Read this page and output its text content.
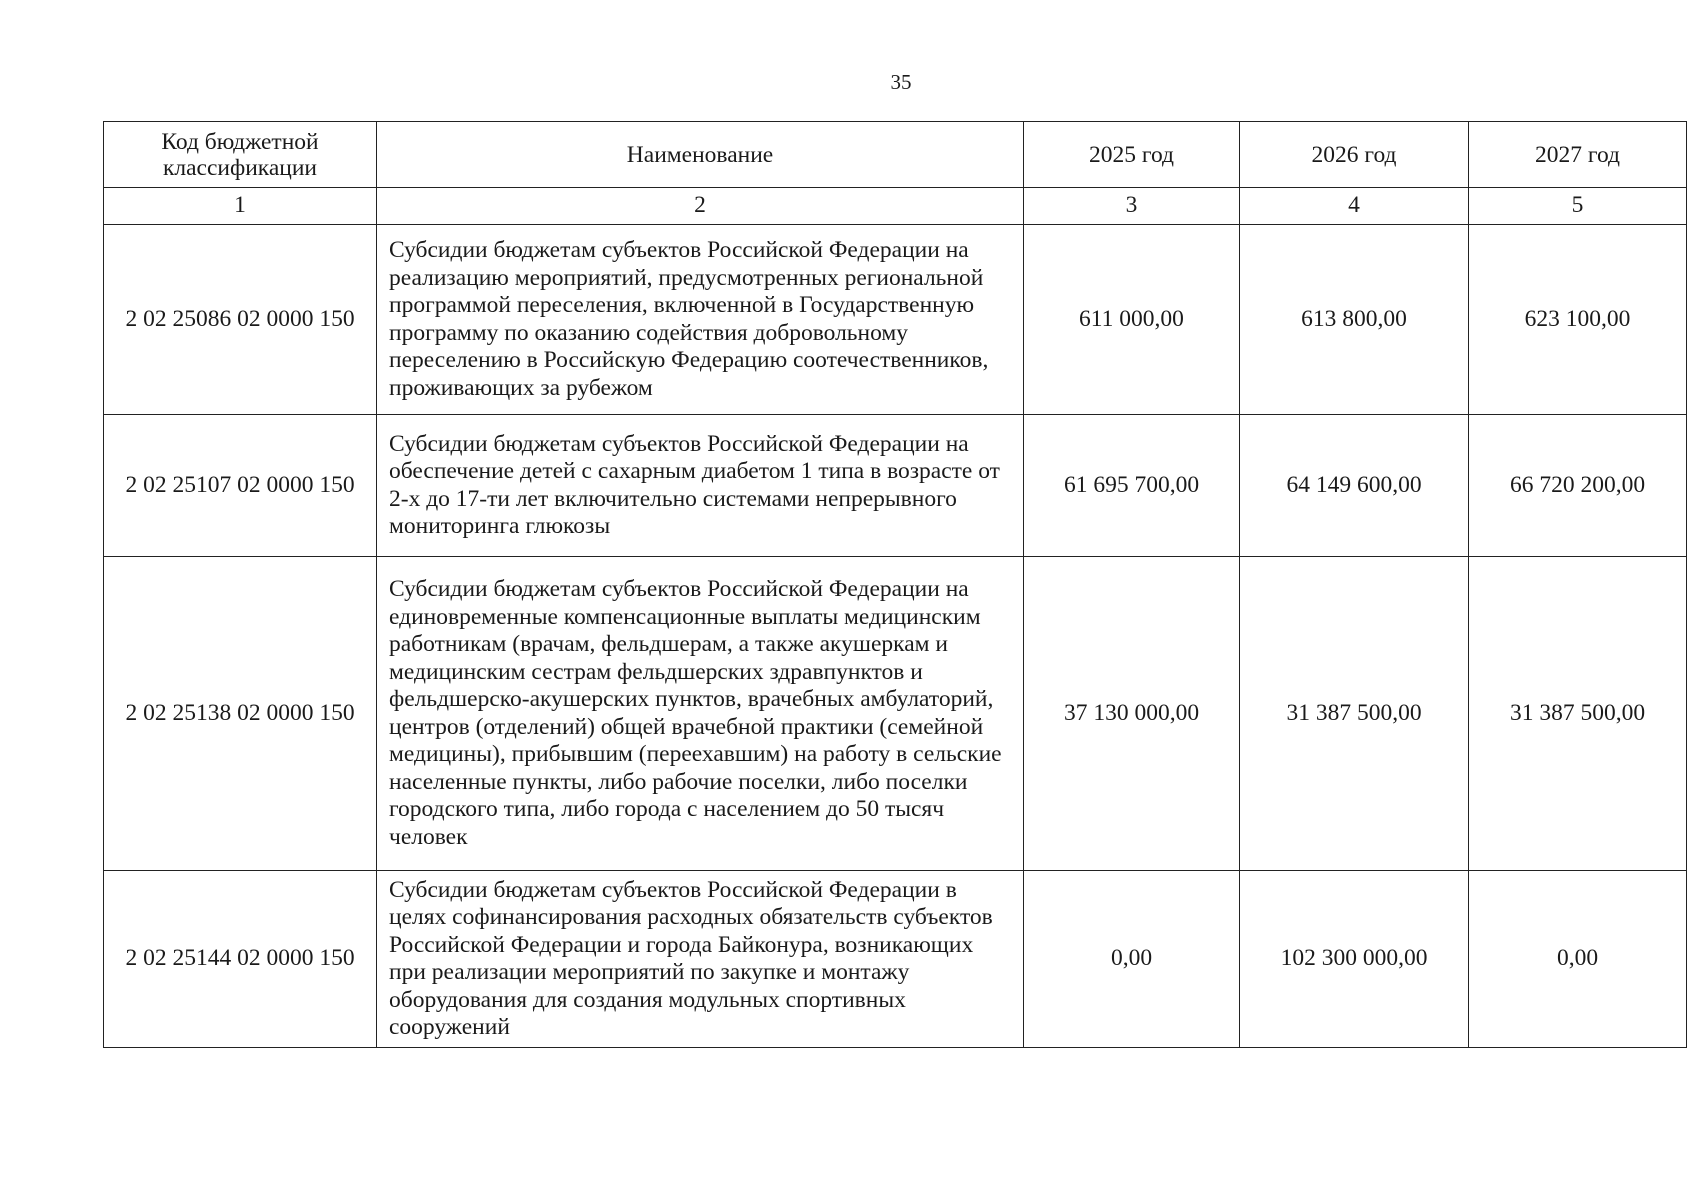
35
Код бюджетной классификации	Наименование	2025 год	2026 год	2027 год

1	2	3	4	5
2 02 25086 02 0000 150	Субсидии бюджетам субъектов Российской Федерации на реализацию мероприятий, предусмотренных региональной программой переселения, включенной в Государственную программу по оказанию содействия добровольному переселению в Российскую Федерацию соотечественников, проживающих за рубежом	611 000,00	613 800,00	623 100,00
2 02 25107 02 0000 150	Субсидии бюджетам субъектов Российской Федерации на обеспечение детей с сахарным диабетом 1 типа в возрасте от 2-х до 17-ти лет включительно системами непрерывного мониторинга глюкозы	61 695 700,00	64 149 600,00	66 720 200,00
2 02 25138 02 0000 150	Субсидии бюджетам субъектов Российской Федерации на единовременные компенсационные выплаты медицинским работникам (врачам, фельдшерам, а также акушеркам и медицинским сестрам фельдшерских здравпунктов и фельдшерско-акушерских пунктов, врачебных амбулаторий, центров (отделений) общей врачебной практики (семейной медицины), прибывшим (переехавшим) на работу в сельские населенные пункты, либо рабочие поселки, либо поселки городского типа, либо города с населением до 50 тысяч человек	37 130 000,00	31 387 500,00	31 387 500,00
2 02 25144 02 0000 150	Субсидии бюджетам субъектов Российской Федерации в целях софинансирования расходных обязательств субъектов Российской Федерации и города Байконура, возникающих при реализации мероприятий по закупке и монтажу оборудования для создания модульных спортивных сооружений	0,00	102 300 000,00	0,00
